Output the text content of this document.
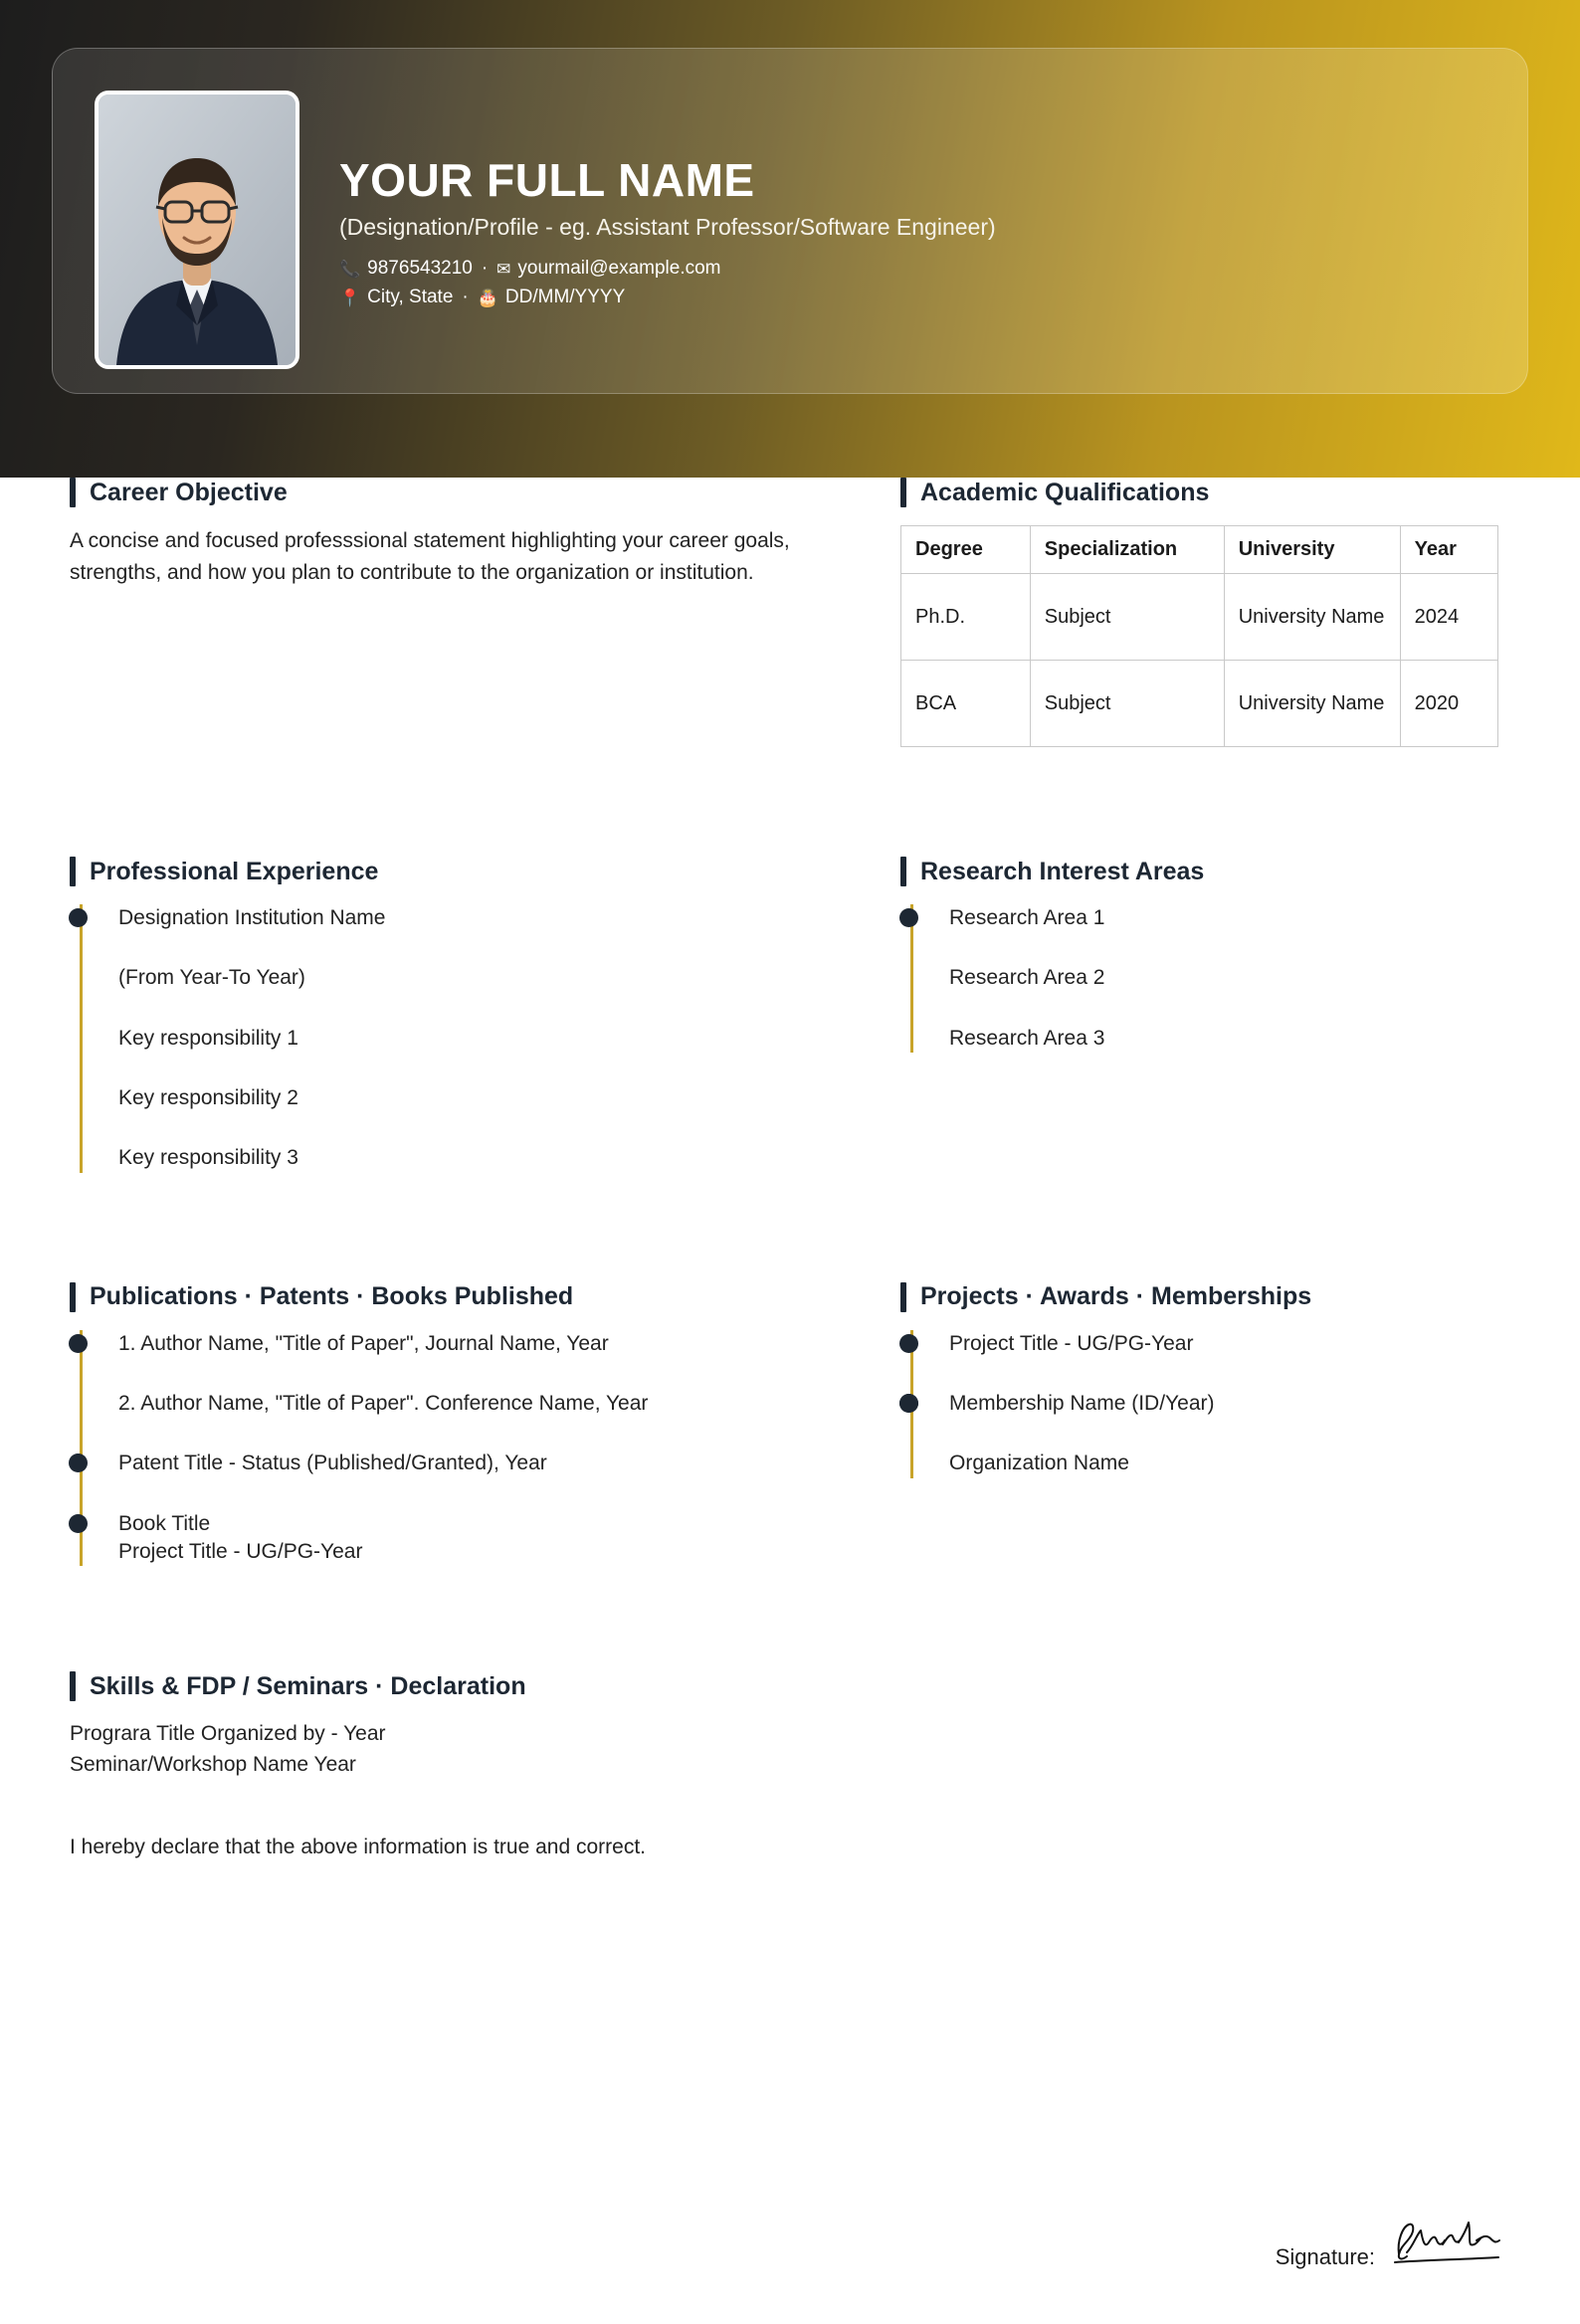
YOUR FULL NAME
(Designation/Profile - eg. Assistant Professor/Software Engineer)
📞 9876543210 · ✉ yourmail@example.com
📍 City, State · 🎂 DD/MM/YYYY
Career Objective

A concise and focused professsional statement highlighting your career goals, strengths, and how you plan to contribute to the organization or institution.

Academic Qualifications
Degree	Specialization	University	Year
Ph.D.	Subject	University Name	2024
BCA	Subject	University Name	2020
Professional Experience
Designation Institution Name
(From Year-To Year)
Key responsibility 1
Key responsibility 2
Key responsibility 3
Research Interest Areas
Research Area 1
Research Area 2
Research Area 3
Publications · Patents · Books Published
1. Author Name, "Title of Paper", Journal Name, Year
2. Author Name, "Title of Paper". Conference Name, Year
Patent Title - Status (Published/Granted), Year
Book Title
Project Title - UG/PG-Year
Projects · Awards · Memberships
Project Title - UG/PG-Year
Membership Name (ID/Year)
Organization Name
Skills & FDP / Seminars · Declaration

Prograra Title Organized by - Year

Seminar/Workshop Name Year

I hereby declare that the above information is true and correct.

Signature:
